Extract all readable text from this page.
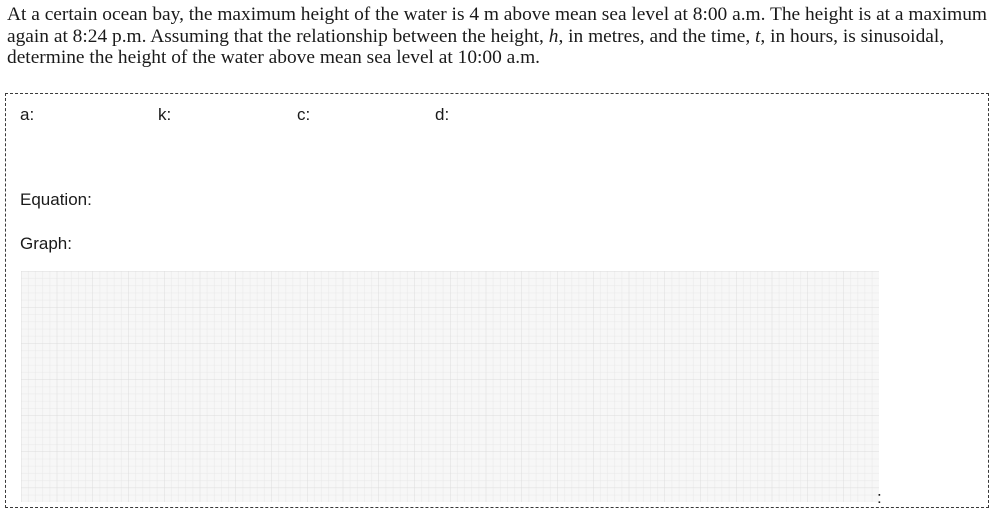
At a certain ocean bay, the maximum height of the water is 4 m above mean sea level at 8:00 a.m. The height is at a maximum again at 8:24 p.m. Assuming that the relationship between the height, h, in metres, and the time, t, in hours, is sinusoidal, determine the height of the water above mean sea level at 10:00 a.m.

a:	k:	c:	d:
Equation:
Graph:
:
